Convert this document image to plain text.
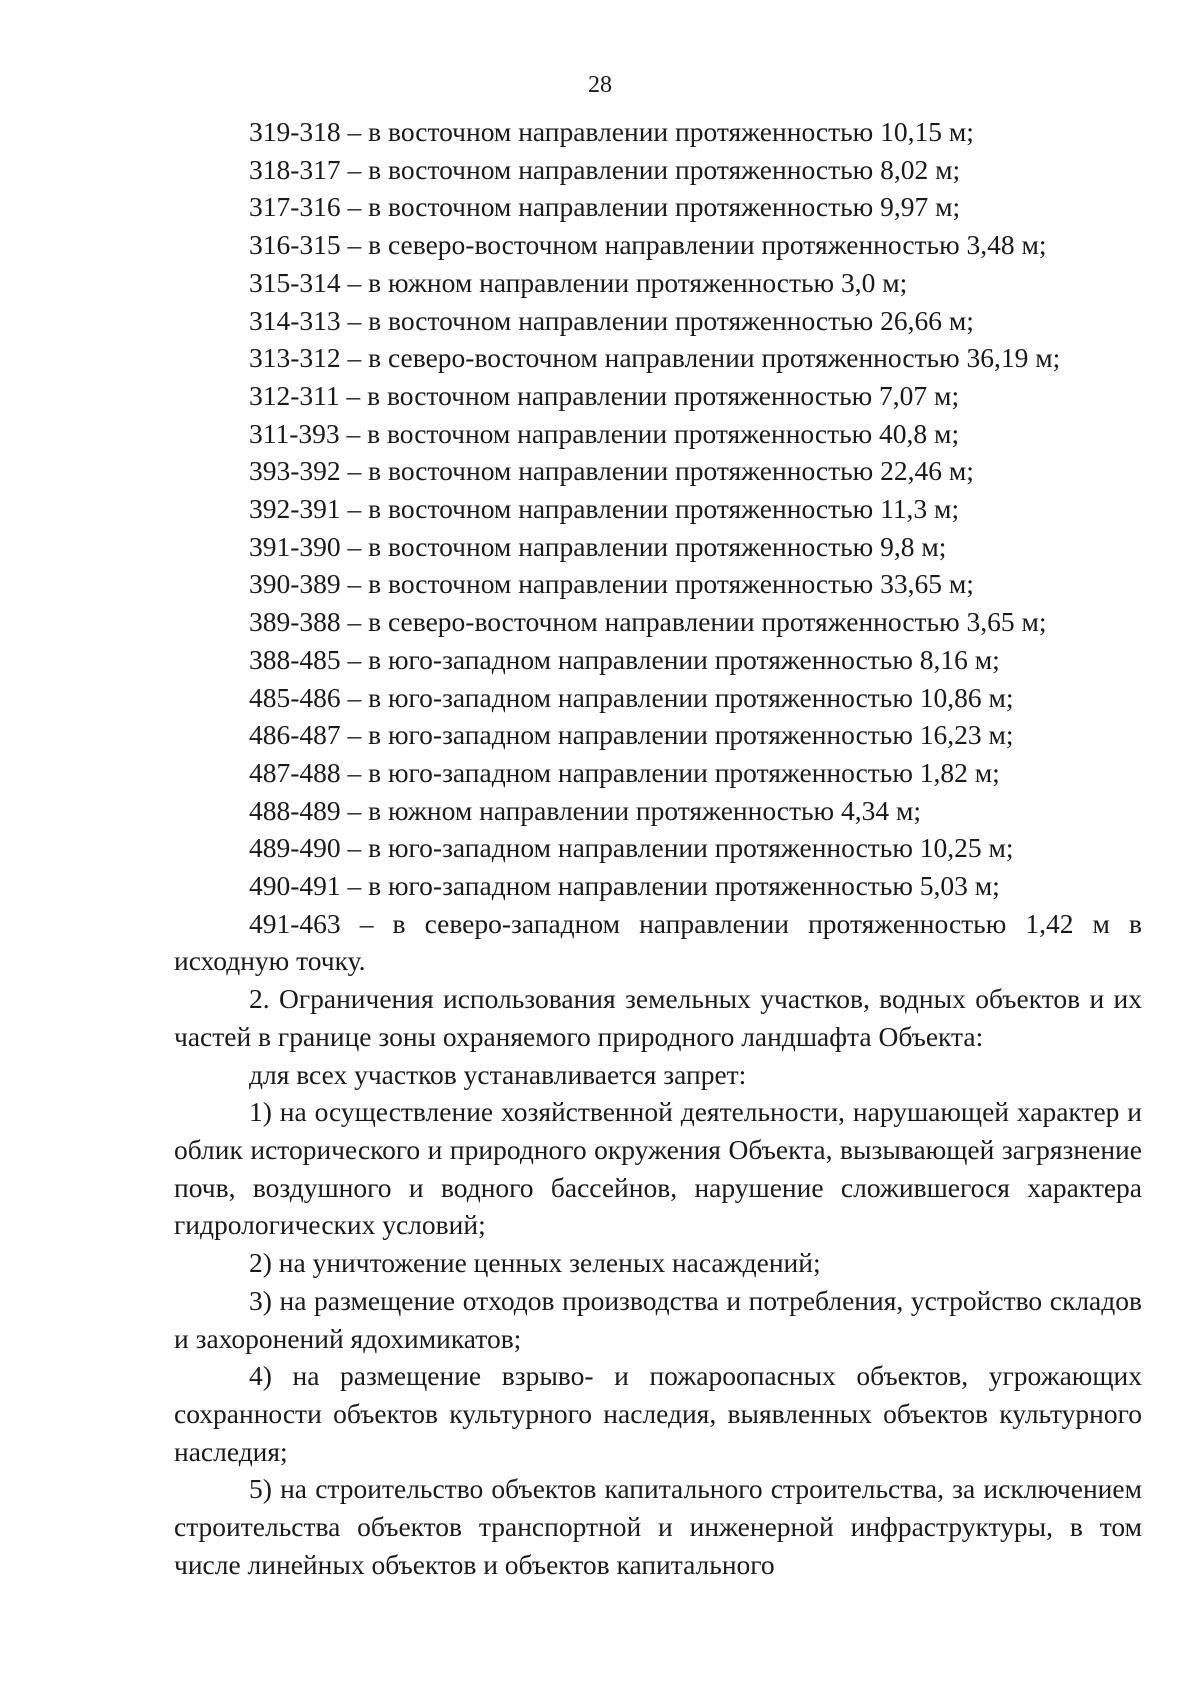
28
319-318 – в восточном направлении протяженностью 10,15 м;
318-317 – в восточном направлении протяженностью 8,02 м;
317-316 – в восточном направлении протяженностью 9,97 м;
316-315 – в северо-восточном направлении протяженностью 3,48 м;
315-314 – в южном направлении протяженностью 3,0 м;
314-313 – в восточном направлении протяженностью 26,66 м;
313-312 – в северо-восточном направлении протяженностью 36,19 м;
312-311 – в восточном направлении протяженностью 7,07 м;
311-393 – в восточном направлении протяженностью 40,8 м;
393-392 – в восточном направлении протяженностью 22,46 м;
392-391 – в восточном направлении протяженностью 11,3 м;
391-390 – в восточном направлении протяженностью 9,8 м;
390-389 – в восточном направлении протяженностью 33,65 м;
389-388 – в северо-восточном направлении протяженностью 3,65 м;
388-485 – в юго-западном направлении протяженностью 8,16 м;
485-486 – в юго-западном направлении протяженностью 10,86 м;
486-487 – в юго-западном направлении протяженностью 16,23 м;
487-488 – в юго-западном направлении протяженностью 1,82 м;
488-489 – в южном направлении протяженностью 4,34 м;
489-490 – в юго-западном направлении протяженностью 10,25 м;
490-491 – в юго-западном направлении протяженностью 5,03 м;
491-463 – в северо-западном направлении протяженностью 1,42 м в исходную точку.
2. Ограничения использования земельных участков, водных объектов и их частей в границе зоны охраняемого природного ландшафта Объекта:
для всех участков устанавливается запрет:
1) на осуществление хозяйственной деятельности, нарушающей характер и облик исторического и природного окружения Объекта, вызывающей загрязнение почв, воздушного и водного бассейнов, нарушение сложившегося характера гидрологических условий;
2) на уничтожение ценных зеленых насаждений;
3) на размещение отходов производства и потребления, устройство складов и захоронений ядохимикатов;
4) на размещение взрыво- и пожароопасных объектов, угрожающих сохранности объектов культурного наследия, выявленных объектов культурного наследия;
5) на строительство объектов капитального строительства, за исключением строительства объектов транспортной и инженерной инфраструктуры, в том числе линейных объектов и объектов капитального
